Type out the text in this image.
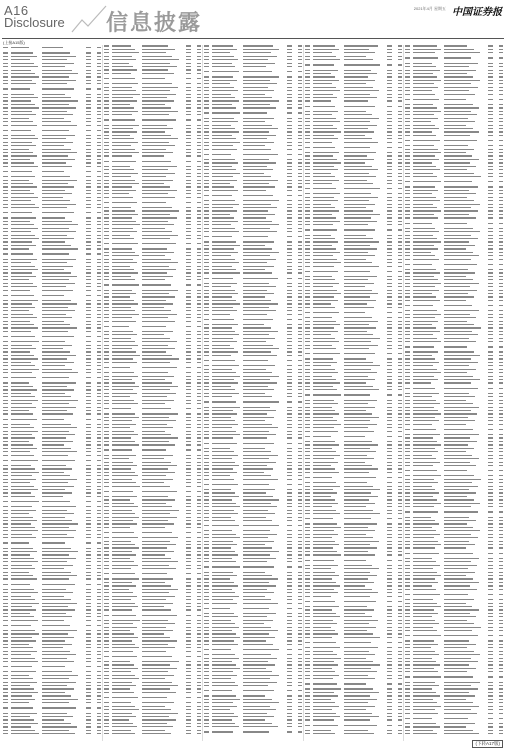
A16
Disclosure 信息披露
2021年4月 星期五 中国证券报
(上接A15版)
(下转A17版)
